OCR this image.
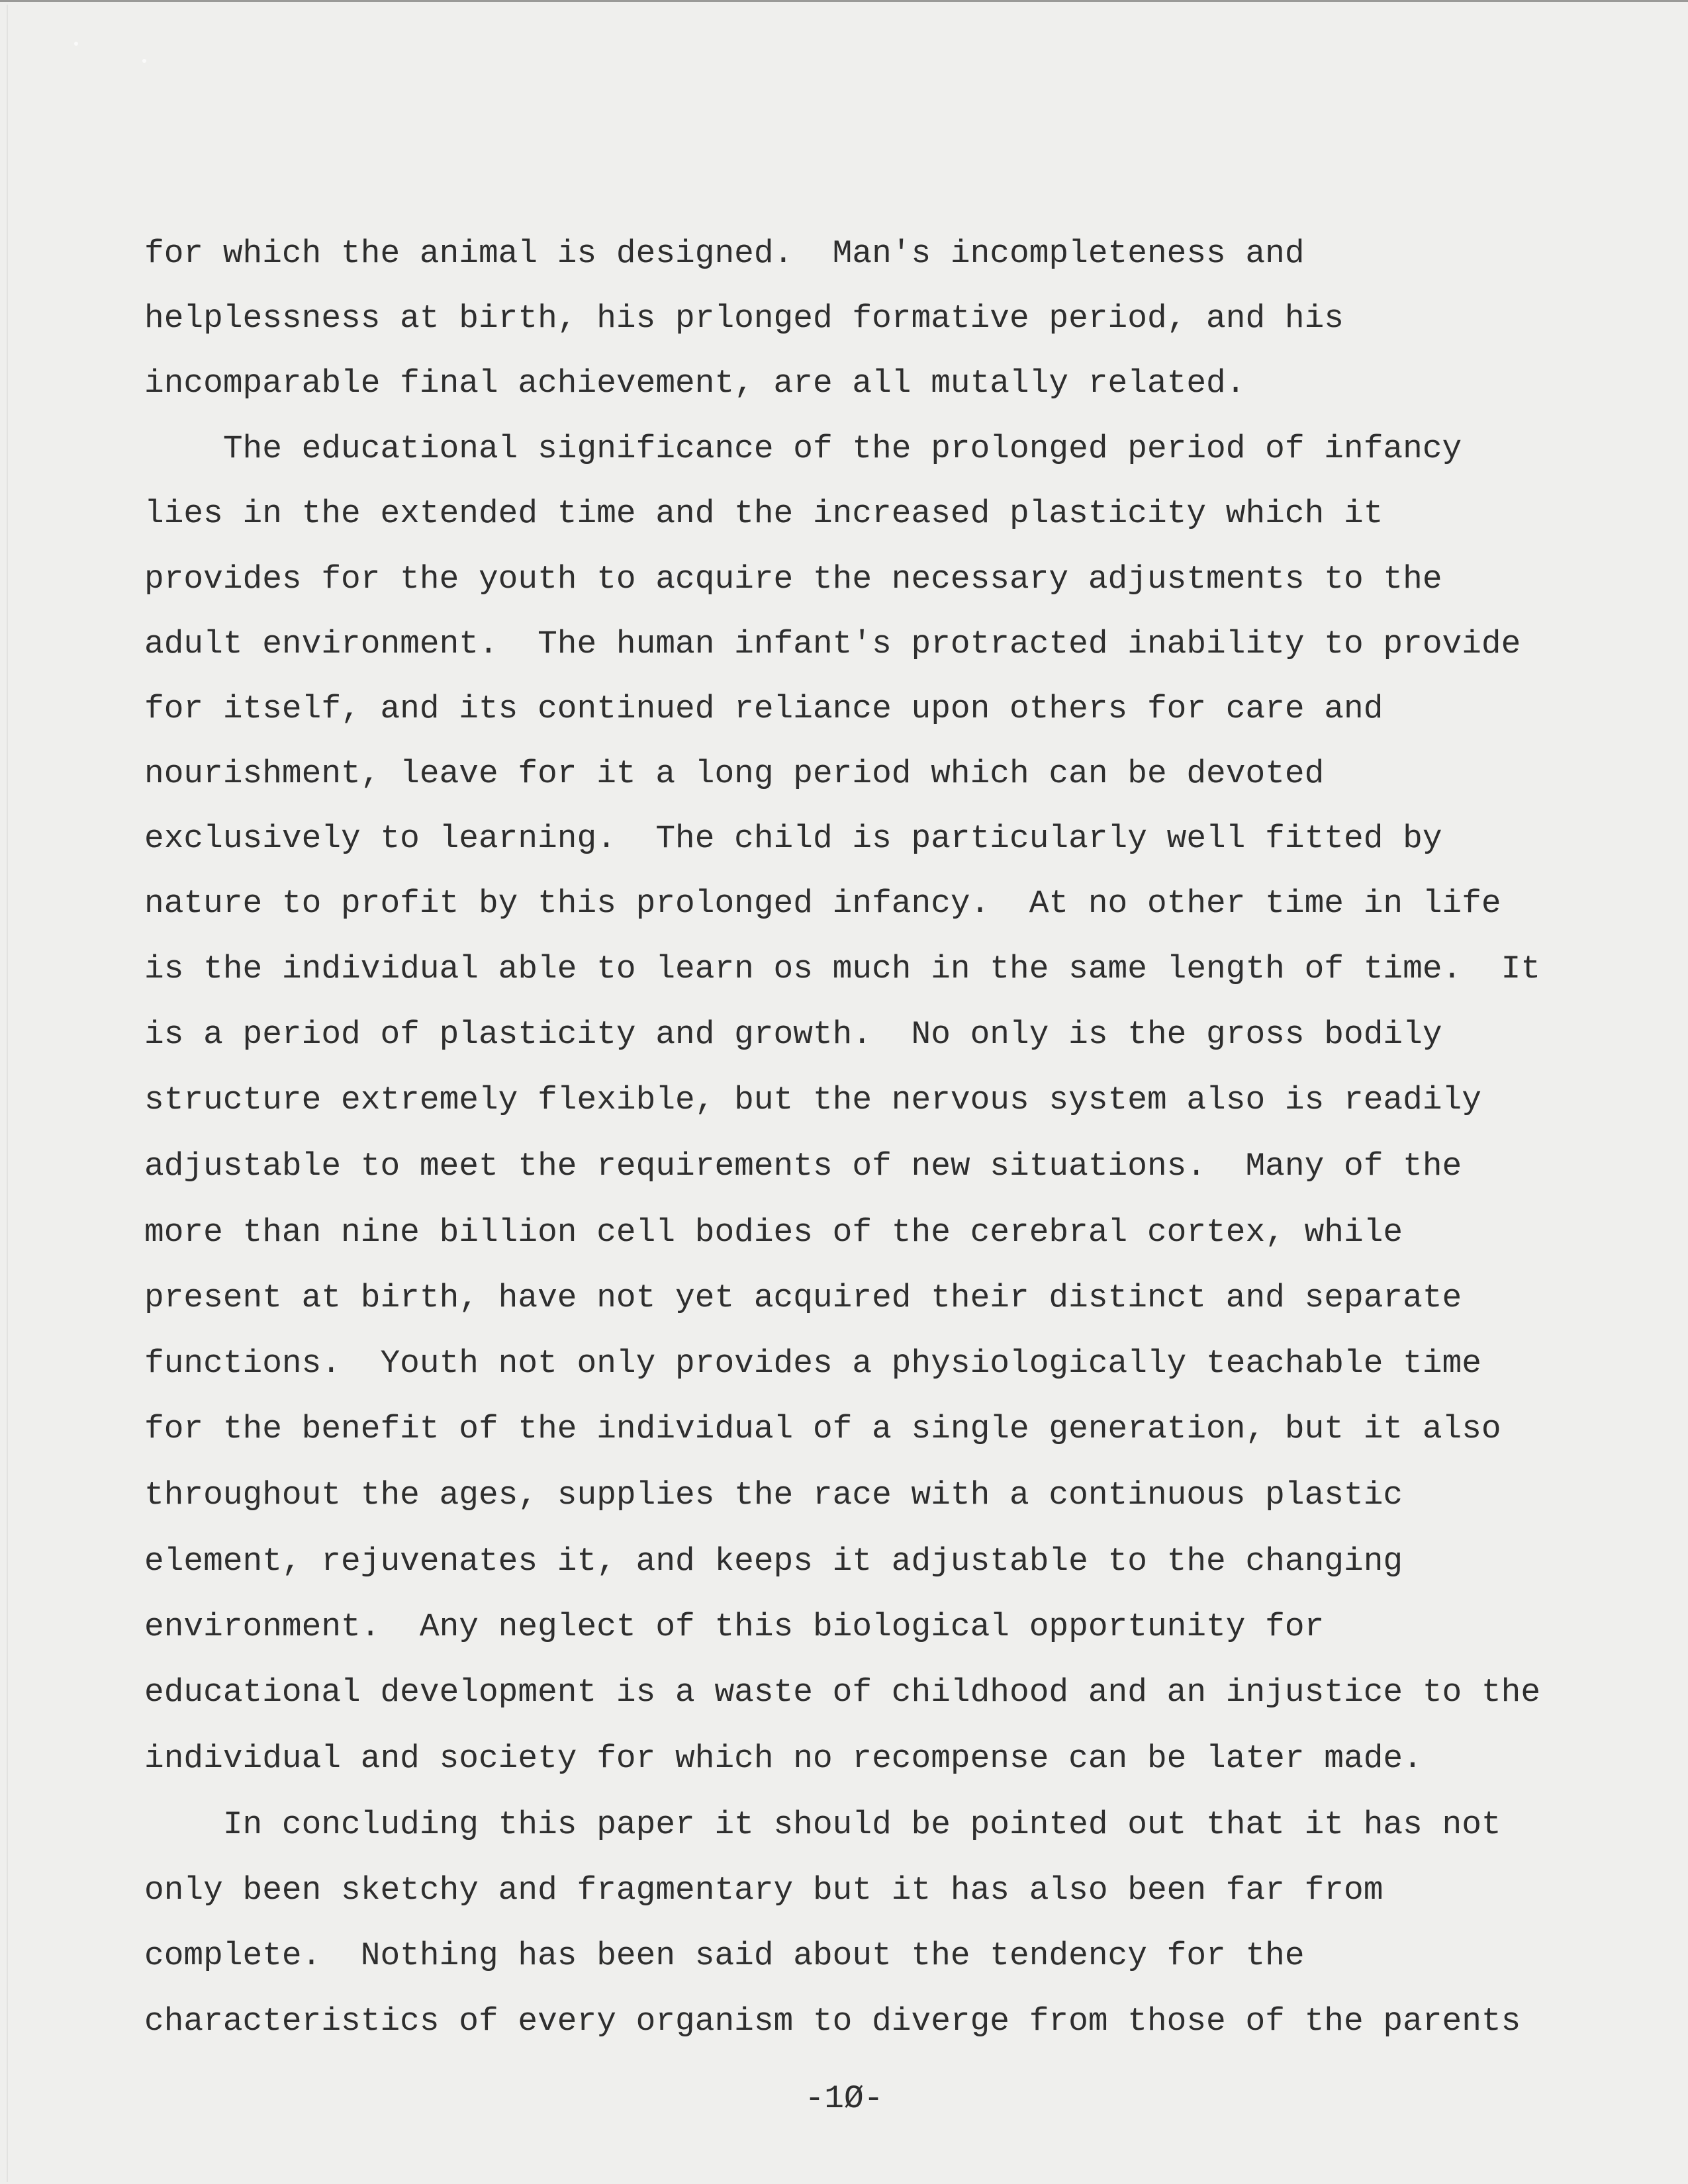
for which the animal is designed.  Man's incompleteness and
helplessness at birth, his prlonged formative period, and his
incomparable final achievement, are all mutally related.
The educational significance of the prolonged period of infancy
lies in the extended time and the increased plasticity which it
provides for the youth to acquire the necessary adjustments to the
adult environment.  The human infant's protracted inability to provide
for itself, and its continued reliance upon others for care and
nourishment, leave for it a long period which can be devoted
exclusively to learning.  The child is particularly well fitted by
nature to profit by this prolonged infancy.  At no other time in life
is the individual able to learn os much in the same length of time.  It
is a period of plasticity and growth.  No only is the gross bodily
structure extremely flexible, but the nervous system also is readily
adjustable to meet the requirements of new situations.  Many of the
more than nine billion cell bodies of the cerebral cortex, while
present at birth, have not yet acquired their distinct and separate
functions.  Youth not only provides a physiologically teachable time
for the benefit of the individual of a single generation, but it also
throughout the ages, supplies the race with a continuous plastic
element, rejuvenates it, and keeps it adjustable to the changing
environment.  Any neglect of this biological opportunity for
educational development is a waste of childhood and an injustice to the
individual and society for which no recompense can be later made.
In concluding this paper it should be pointed out that it has not
only been sketchy and fragmentary but it has also been far from
complete.  Nothing has been said about the tendency for the
characteristics of every organism to diverge from those of the parents
-1Ø-
